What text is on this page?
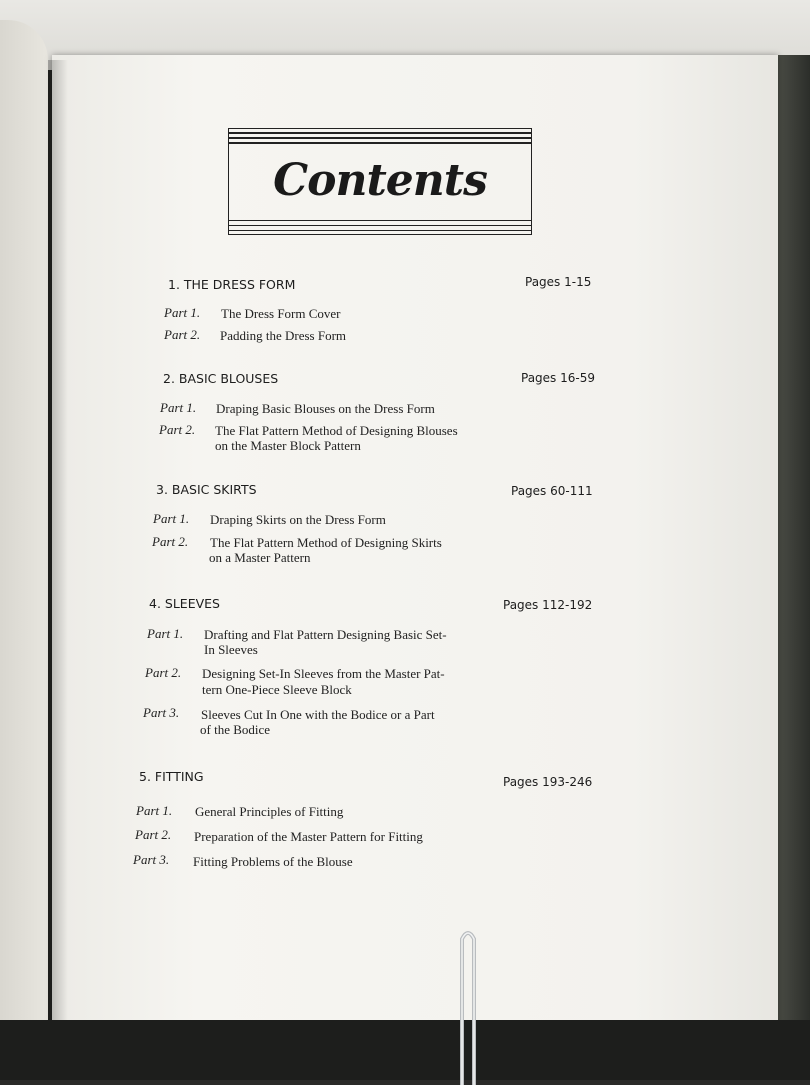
Contents
1. THE DRESS FORM	Pages 1-15
Part 1. The Dress Form Cover
Part 2. Padding the Dress Form
2. BASIC BLOUSES	Pages 16-59
Part 1. Draping Basic Blouses on the Dress Form
Part 2. The Flat Pattern Method of Designing Blouses
on the Master Block Pattern
3. BASIC SKIRTS	Pages 60-111
Part 1. Draping Skirts on the Dress Form
Part 2. The Flat Pattern Method of Designing Skirts
on a Master Pattern
4. SLEEVES	Pages 112-192
Part 1. Drafting and Flat Pattern Designing Basic Set-
In Sleeves
Part 2. Designing Set-In Sleeves from the Master Pat-
tern One-Piece Sleeve Block
Part 3. Sleeves Cut In One with the Bodice or a Part
of the Bodice
5. FITTING	Pages 193-246
Part 1. General Principles of Fitting
Part 2. Preparation of the Master Pattern for Fitting
Part 3. Fitting Problems of the Blouse
